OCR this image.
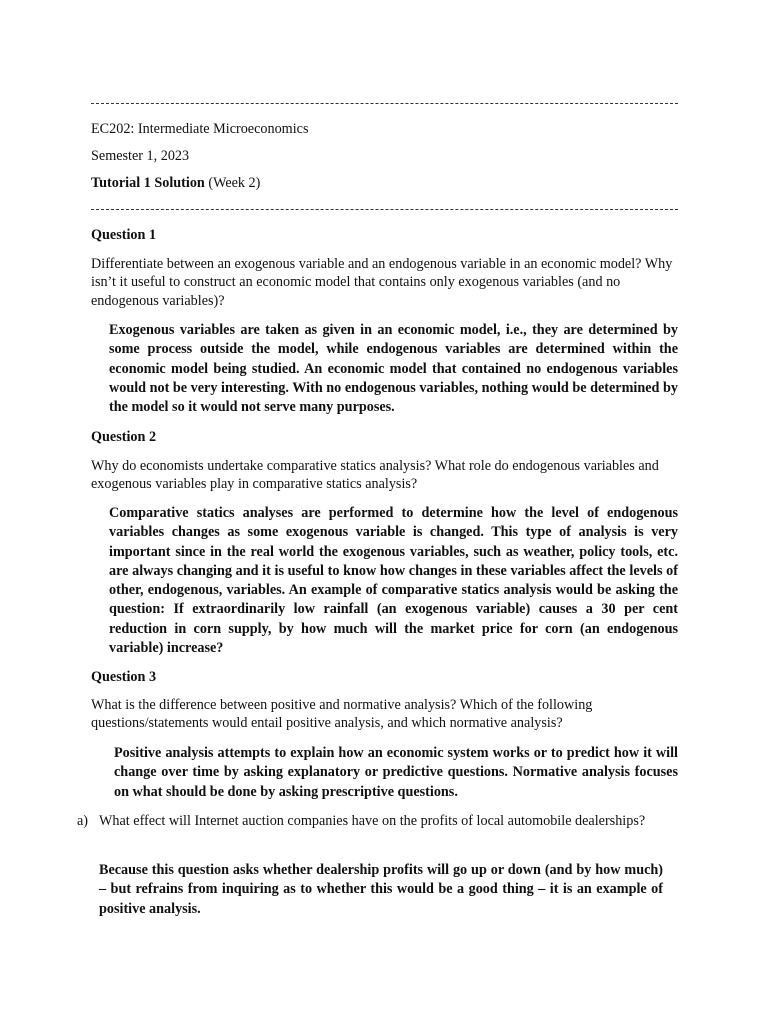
EC202: Intermediate Microeconomics
Semester 1, 2023
Tutorial 1 Solution (Week 2)
Question 1
Differentiate between an exogenous variable and an endogenous variable in an economic model? Why isn’t it useful to construct an economic model that contains only exogenous variables (and no endogenous variables)?
Exogenous variables are taken as given in an economic model, i.e., they are determined by some process outside the model, while endogenous variables are determined within the economic model being studied. An economic model that contained no endogenous variables would not be very interesting. With no endogenous variables, nothing would be determined by the model so it would not serve many purposes.
Question 2
Why do economists undertake comparative statics analysis? What role do endogenous variables and exogenous variables play in comparative statics analysis?
Comparative statics analyses are performed to determine how the level of endogenous variables changes as some exogenous variable is changed. This type of analysis is very important since in the real world the exogenous variables, such as weather, policy tools, etc. are always changing and it is useful to know how changes in these variables affect the levels of other, endogenous, variables. An example of comparative statics analysis would be asking the question: If extraordinarily low rainfall (an exogenous variable) causes a 30 per cent reduction in corn supply, by how much will the market price for corn (an endogenous variable) increase?
Question 3
What is the difference between positive and normative analysis? Which of the following questions/statements would entail positive analysis, and which normative analysis?
Positive analysis attempts to explain how an economic system works or to predict how it will change over time by asking explanatory or predictive questions. Normative analysis focuses on what should be done by asking prescriptive questions.
a) What effect will Internet auction companies have on the profits of local automobile dealerships?
Because this question asks whether dealership profits will go up or down (and by how much) – but refrains from inquiring as to whether this would be a good thing – it is an example of positive analysis.
